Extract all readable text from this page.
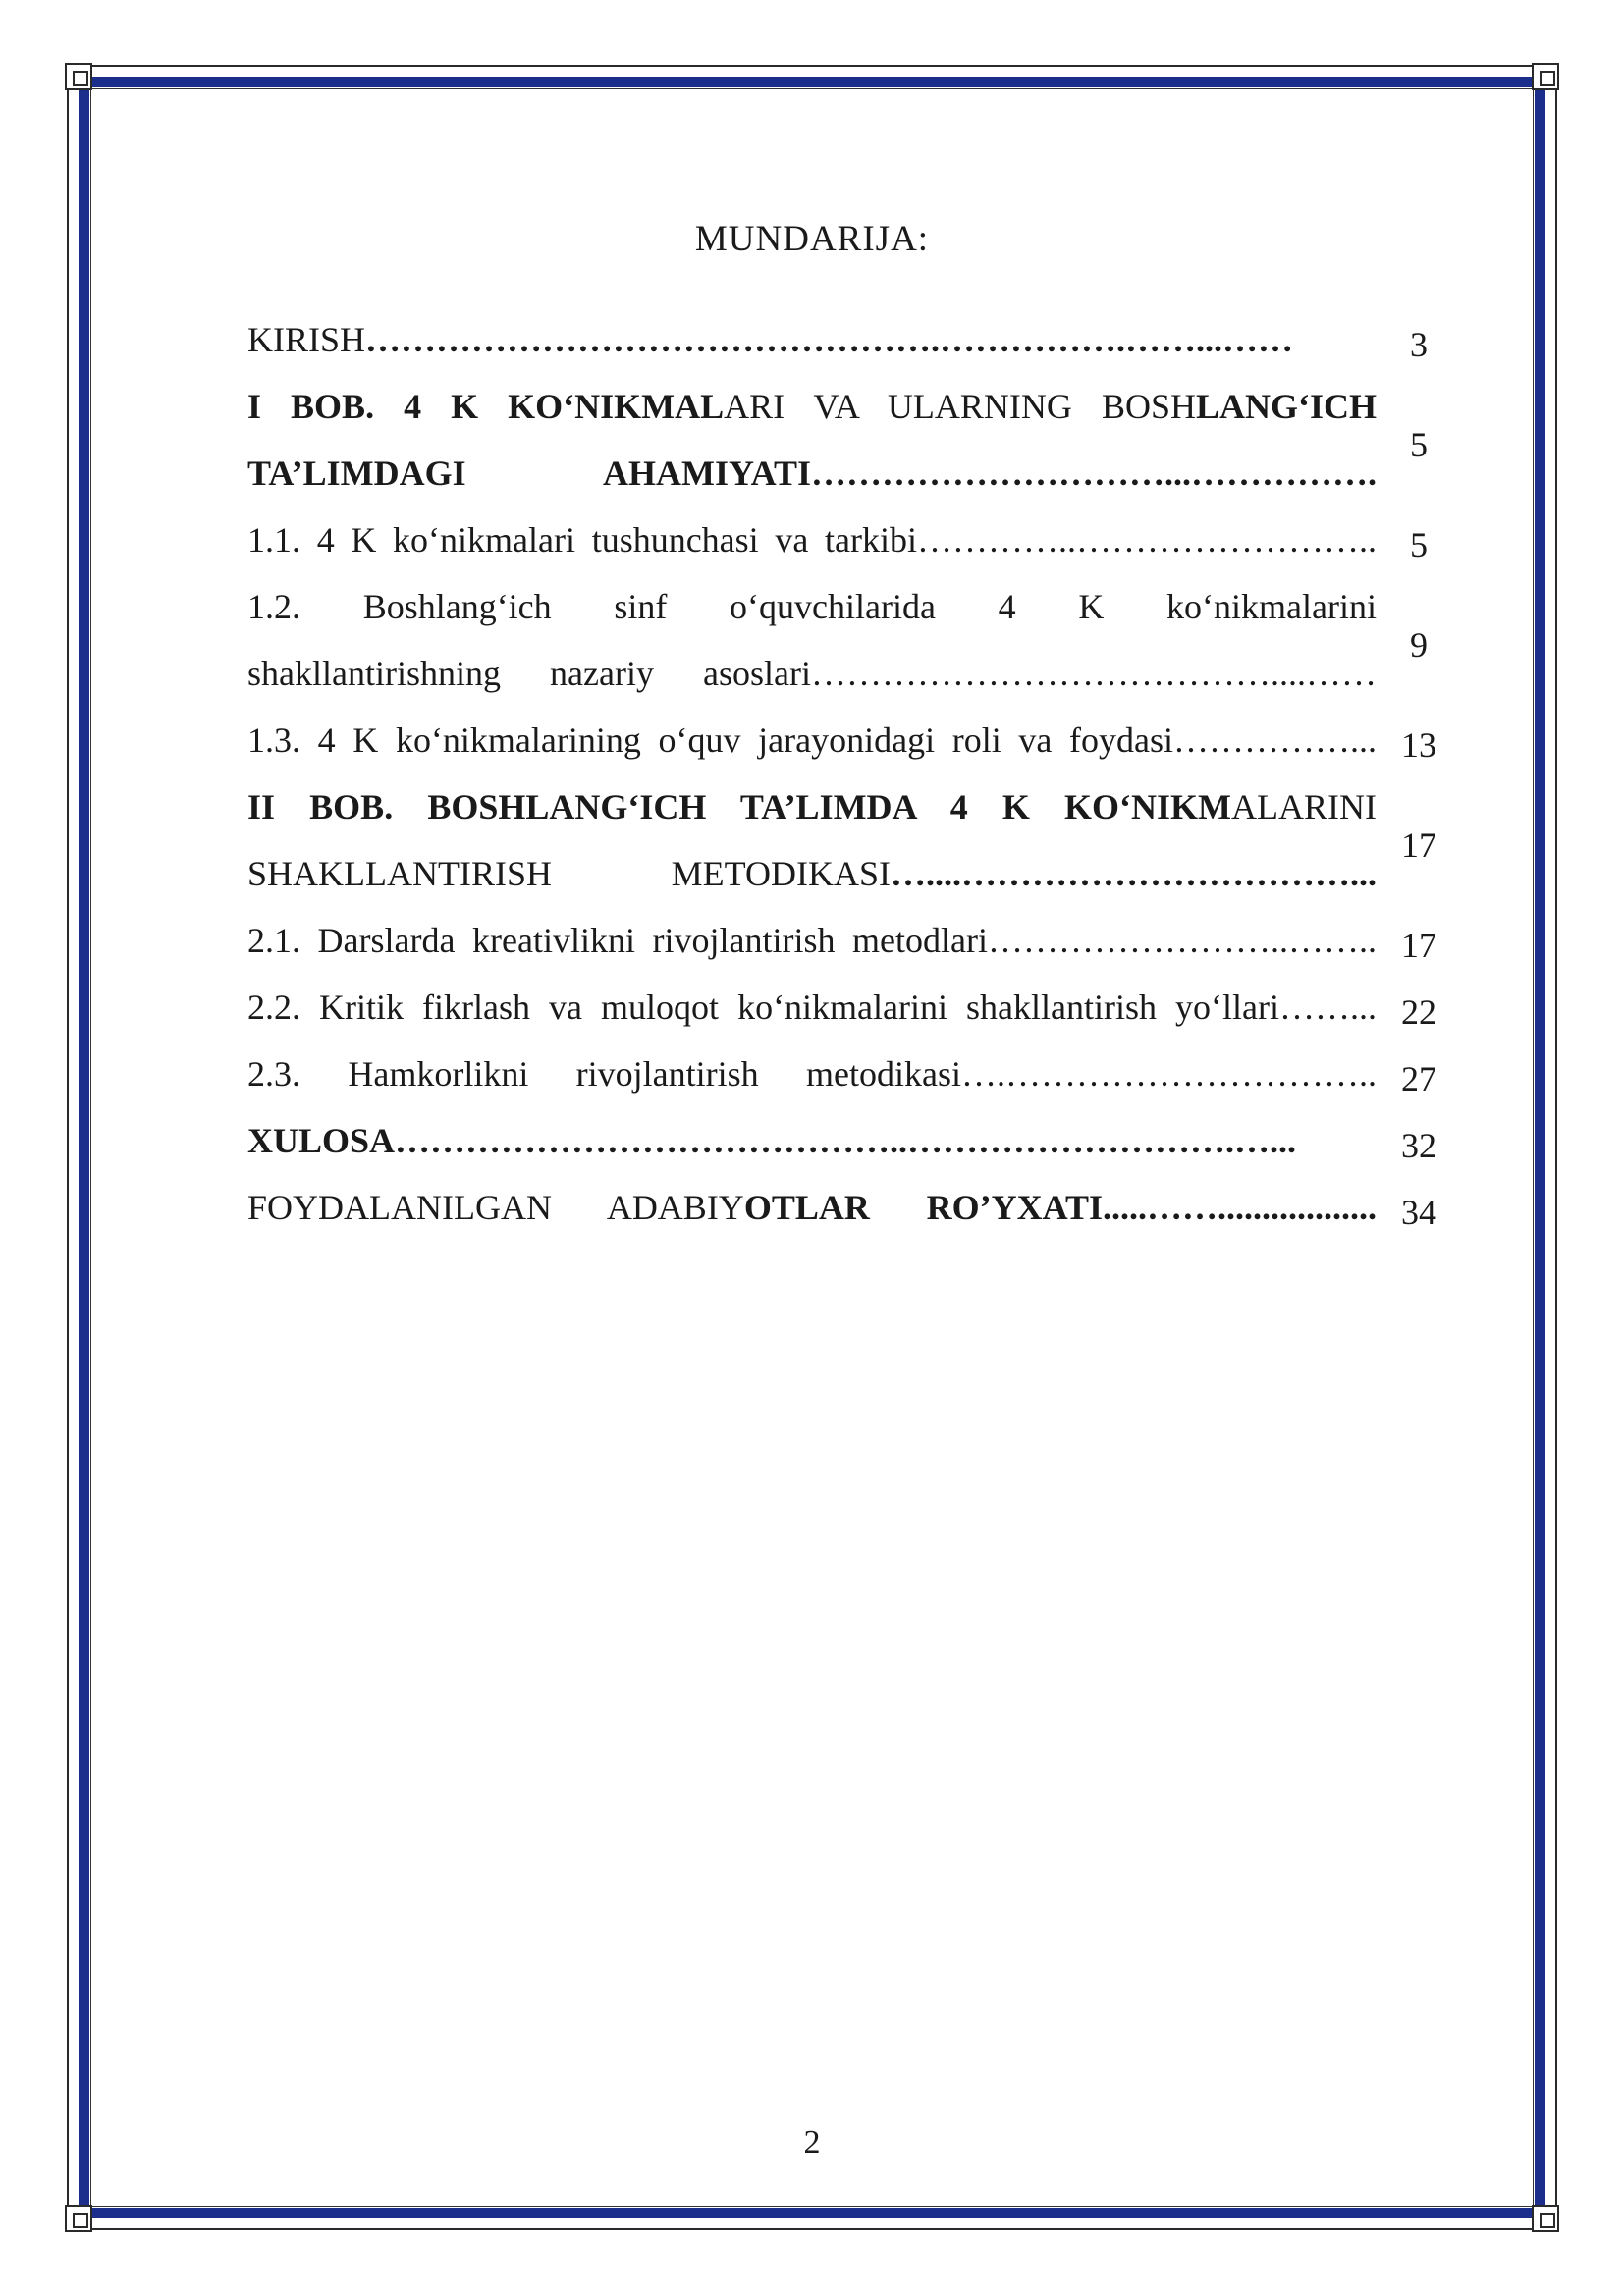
MUNDARIJA:
KIRISH………………………………………….…………….……...……	3
I BOB. 4 K KO‘NIKMALARI VA ULARNING BOSHLANG‘ICH
TA’LIMDAGI AHAMIYATI…………………………...…………….
5
1.1. 4 K ko‘nikmalari tushunchasi va tarkibi…………..…………………….. 5
1.2. Boshlang‘ich sinf o‘quvchilarida 4 K ko‘nikmalarini
shakllantirishning nazariy asoslari…………………………………....……
9
1.3. 4 K ko‘nikmalarining o‘quv jarayonidagi roli va foydasi……………... 13
II BOB. BOSHLANG‘ICH TA’LIMDA 4 K KO‘NIKMALARINI
SHAKLLANTIRISH METODIKASI…....……………………………...
17
2.1. Darslarda kreativlikni rivojlantirish metodlari……………………..…….. 17
2.2. Kritik fikrlash va muloqot ko‘nikmalarini shakllantirish yo‘llari……... 22
2.3. Hamkorlikni rivojlantirish metodikasi….………………………….. 27
XULOSA……………………………………..……………………….…...	32
FOYDALANILGAN ADABIYOTLAR RO’YXATI.....…….................. 34
2
